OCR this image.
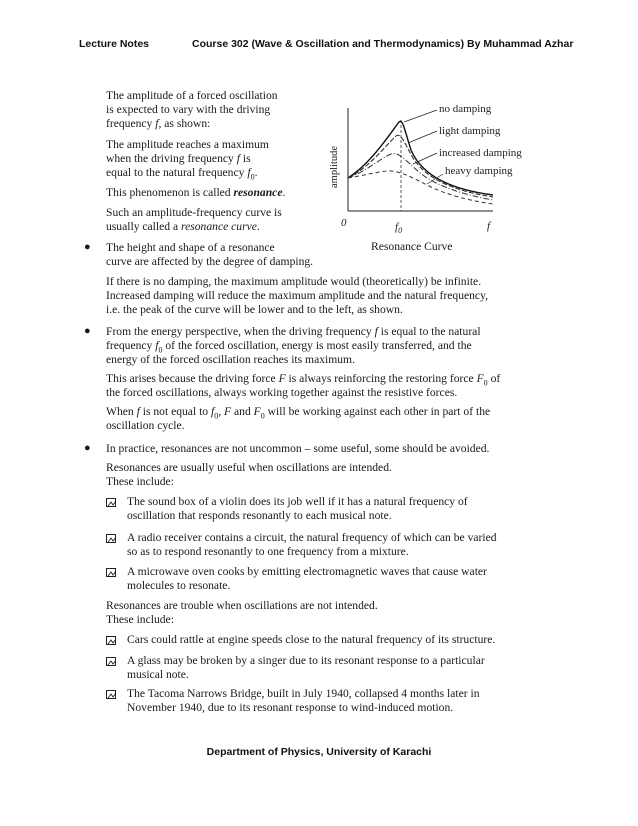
Lecture Notes	Course 302 (Wave & Oscillation and Thermodynamics) By Muhammad Azhar
The amplitude of a forced oscillation
is expected to vary with the driving
frequency f, as shown:
The amplitude reaches a maximum
when the driving frequency f is
equal to the natural frequency $f_0$.
This phenomenon is called resonance.
Such an amplitude-frequency curve is
usually called a resonance curve.
amplitude
0	$f_0$	f
no damping
light damping
increased damping
heavy damping
Resonance Curve
● The height and shape of a resonance
curve are affected by the degree of damping.
If there is no damping, the maximum amplitude would (theoretically) be infinite.
Increased damping will reduce the maximum amplitude and the natural frequency,
i.e. the peak of the curve will be lower and to the left, as shown.
● From the energy perspective, when the driving frequency f is equal to the natural
frequency $f_0$ of the forced oscillation, energy is most easily transferred, and the
energy of the forced oscillation reaches its maximum.
This arises because the driving force F is always reinforcing the restoring force $F_0$ of
the forced oscillations, always working together against the resistive forces.
When f is not equal to $f_0$, F and $F_0$ will be working against each other in part of the
oscillation cycle.
● In practice, resonances are not uncommon – some useful, some should be avoided.
Resonances are usually useful when oscillations are intended.
These include:
The sound box of a violin does its job well if it has a natural frequency of
oscillation that responds resonantly to each musical note.
A radio receiver contains a circuit, the natural frequency of which can be varied
so as to respond resonantly to one frequency from a mixture.
A microwave oven cooks by emitting electromagnetic waves that cause water
molecules to resonate.
Resonances are trouble when oscillations are not intended.
These include:
Cars could rattle at engine speeds close to the natural frequency of its structure.
A glass may be broken by a singer due to its resonant response to a particular
musical note.
The Tacoma Narrows Bridge, built in July 1940, collapsed 4 months later in
November 1940, due to its resonant response to wind-induced motion.
Department of Physics, University of Karachi
